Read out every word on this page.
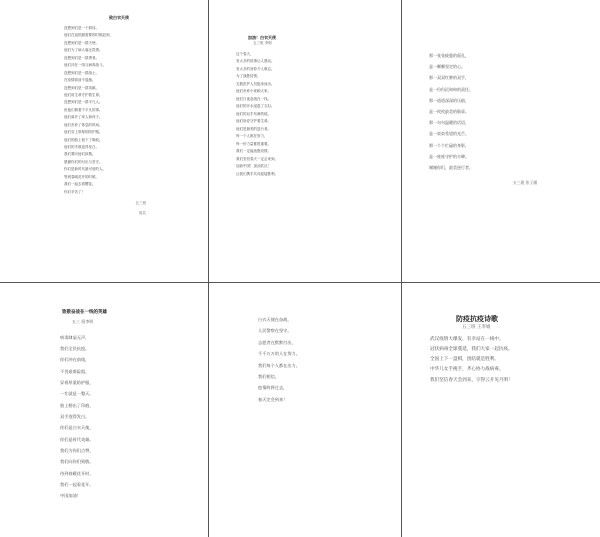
致白衣天使
没想到们是一个群体。
他们在祖国最需要的时候赶到，
没想到们是一群天使。
他们为了病人毫无畏惧。
没想到们是一群勇者。
他们冲在一线与病毒战斗。
没想到们是一群战士。
在疫情面前不退缩。
没想到们是一群英雄。
他们用生命守护着生命。
没想到们是一群平凡人。
但他们做着不平凡的事。
他们离开了家人和孩子。
他们舍弃了休息的时间。
他们穿上厚厚的防护服。
他们的脸上留下了勒痕。
他们的手被泡得发白。
我们要向他们致敬。
感谢你们的付出与坚守。
你们是新时代最可爱的人。
等到春暖花开的时候，
我们一起去看樱花。
你们辛苦了！
五三班
姓名
加油！白衣天使
五三班 李明
这个春天，
有太多的故事让人感动。
有太多的身影令人难忘。
为了战胜疫情，
无数医护人员挺身而出。
他们舍弃小家顾大家。
他们日夜奋战在一线。
他们的汗水浸湿了衣衫。
他们的双手布满伤痕。
他们用爱守护着生命。
他们是最美的逆行者。
每一个人都在努力，
每一份力量都很重要。
我们一定能战胜疫情。
我们坚信春天一定会来到。
加油中国！加油武汉！
让我们携手共同迎接胜利。
那一张张疲惫的面孔，
是一颗颗坚定的心。
那一双双红肿的双手，
是一份份沉甸甸的责任。
那一道道深深的压痕，
是一枚枚最美的勋章。
那一句句温暖的话语，
是一束束希望的光芒。
那一个个忙碌的身影，
是一座座守护的丰碑。
谢谢你们，最美逆行者。
五三班 张子涵
致敬奋战在一线的英雄
五三 班李明
病毒肆虐无声，
我们全民抗疫。
你们冲在前线，
不畏艰难险阻。
穿着厚重防护服，
一忙就是一整天。
脸上勒出了印痕，
双手泡得发白。
你们是白衣天使，
你们是时代英雄。
我们为你们点赞，
我们向你们致敬。
待到春暖花开时，
我们一起看花开。
中国加油！
白衣天使在奋战，
人民警察在坚守。
志愿者在默默付出，
千千万万的人在努力。
我们每个人都在出力。
我们相信，
疫情终将过去，
春天定会到来！
防疫抗疫诗歌
五三班 王李娟
武汉疫情大爆发，有幸站在一线中。
冠状病毒全球蔓延，我们大家一起抗疫。
全国上下一盘棋，团结就是胜利。
中华儿女手挽手，齐心协力战病毒。
我们坚信春天会到来，守得云开见月明！
